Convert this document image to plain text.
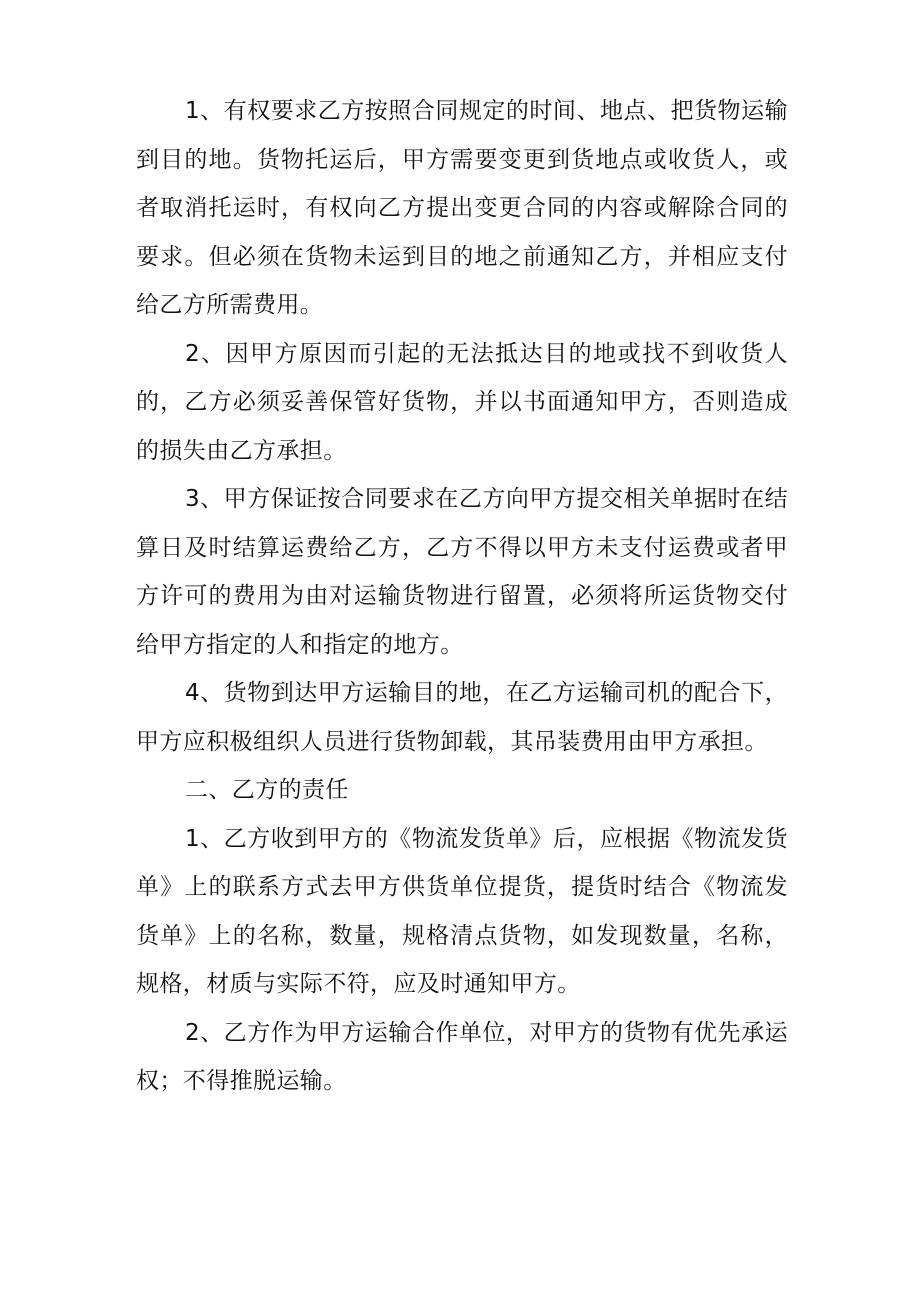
1、有权要求乙方按照合同规定的时间、地点、把货物运输到目的地。货物托运后，甲方需要变更到货地点或收货人，或者取消托运时，有权向乙方提出变更合同的内容或解除合同的要求。但必须在货物未运到目的地之前通知乙方，并相应支付给乙方所需费用。

2、因甲方原因而引起的无法抵达目的地或找不到收货人的，乙方必须妥善保管好货物，并以书面通知甲方，否则造成的损失由乙方承担。

3、甲方保证按合同要求在乙方向甲方提交相关单据时在结算日及时结算运费给乙方，乙方不得以甲方未支付运费或者甲方许可的费用为由对运输货物进行留置，必须将所运货物交付给甲方指定的人和指定的地方。

4、货物到达甲方运输目的地，在乙方运输司机的配合下，甲方应积极组织人员进行货物卸载，其吊装费用由甲方承担。

二、乙方的责任

1、乙方收到甲方的《物流发货单》后，应根据《物流发货单》上的联系方式去甲方供货单位提货，提货时结合《物流发货单》上的名称，数量，规格清点货物，如发现数量，名称，规格，材质与实际不符，应及时通知甲方。

2、乙方作为甲方运输合作单位，对甲方的货物有优先承运权；不得推脱运输。
